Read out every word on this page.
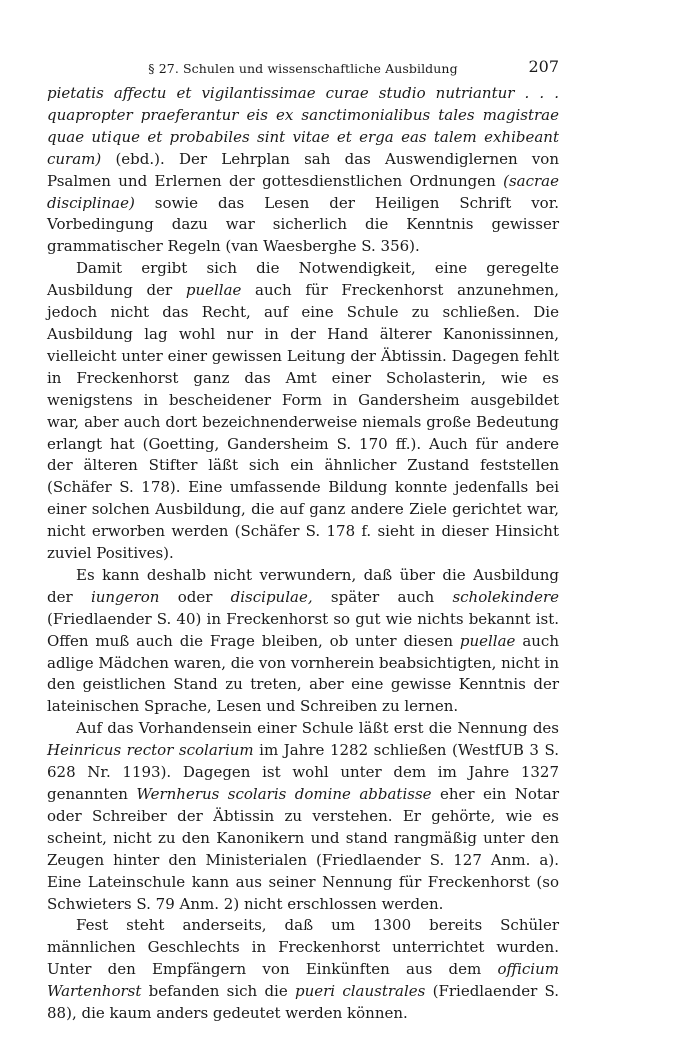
§ 27. Schulen und wissenschaftliche Ausbildung	207

pietatis affectu et vigilantissimae curae studio nutriantur . . . quapropter praeferantur eis ex sanctimonialibus tales magistrae quae utique et probabiles sint vitae et erga eas talem exhibeant curam) (ebd.). Der Lehrplan sah das Auswendiglernen von Psalmen und Erlernen der gottesdienstlichen Ordnungen (sacrae disciplinae) sowie das Lesen der Heiligen Schrift vor. Vorbedingung dazu war sicherlich die Kenntnis gewisser grammatischer Regeln (van Waesberghe S. 356).

Damit ergibt sich die Notwendigkeit, eine geregelte Ausbildung der puellae auch für Freckenhorst anzunehmen, jedoch nicht das Recht, auf eine Schule zu schließen. Die Ausbildung lag wohl nur in der Hand älterer Kanonissinnen, vielleicht unter einer gewissen Leitung der Äbtissin. Dagegen fehlt in Freckenhorst ganz das Amt einer Scholasterin, wie es wenigstens in bescheidener Form in Gandersheim ausgebildet war, aber auch dort bezeichnenderweise niemals große Bedeutung erlangt hat (Goetting, Gandersheim S. 170 ff.). Auch für andere der älteren Stifter läßt sich ein ähnlicher Zustand feststellen (Schäfer S. 178). Eine umfassende Bildung konnte jedenfalls bei einer solchen Ausbildung, die auf ganz andere Ziele gerichtet war, nicht erworben werden (Schäfer S. 178 f. sieht in dieser Hinsicht zuviel Positives).

Es kann deshalb nicht verwundern, daß über die Ausbildung der iungeron oder discipulae, später auch scholekindere (Friedlaender S. 40) in Freckenhorst so gut wie nichts bekannt ist. Offen muß auch die Frage bleiben, ob unter diesen puellae auch adlige Mädchen waren, die von vornherein beabsichtigten, nicht in den geistlichen Stand zu treten, aber eine gewisse Kenntnis der lateinischen Sprache, Lesen und Schreiben zu lernen.

Auf das Vorhandensein einer Schule läßt erst die Nennung des Heinricus rector scolarium im Jahre 1282 schließen (WestfUB 3 S. 628 Nr. 1193). Dagegen ist wohl unter dem im Jahre 1327 genannten Wernherus scolaris domine abbatisse eher ein Notar oder Schreiber der Äbtissin zu verstehen. Er gehörte, wie es scheint, nicht zu den Kanonikern und stand rangmäßig unter den Zeugen hinter den Ministerialen (Friedlaender S. 127 Anm. a). Eine Lateinschule kann aus seiner Nennung für Freckenhorst (so Schwieters S. 79 Anm. 2) nicht erschlossen werden.

Fest steht anderseits, daß um 1300 bereits Schüler männlichen Geschlechts in Freckenhorst unterrichtet wurden. Unter den Empfängern von Einkünften aus dem officium Wartenhorst befanden sich die pueri claustrales (Friedlaender S. 88), die kaum anders gedeutet werden können.
